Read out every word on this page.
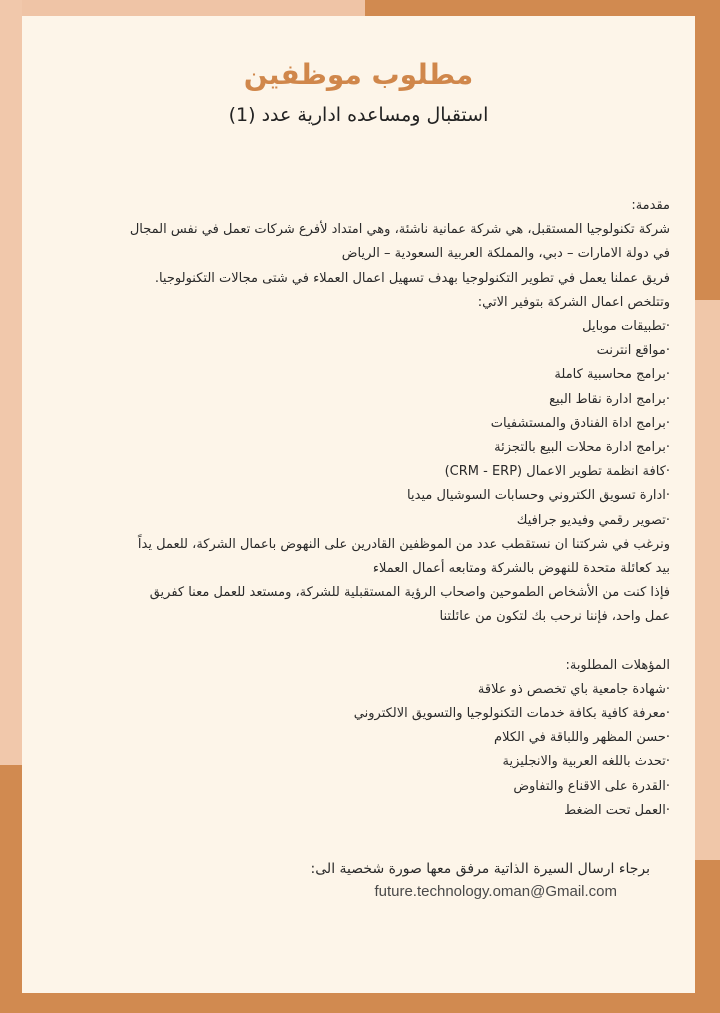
مطلوب موظفين
استقبال ومساعده ادارية عدد (1)
مقدمة:
شركة تكنولوجيا المستقبل، هي شركة عمانية ناشئة، وهي امتداد لأفرع شركات تعمل في نفس المجال
في دولة الامارات – دبي، والمملكة العربية السعودية – الرياض
فريق عملنا يعمل في تطوير التكنولوجيا بهدف تسهيل اعمال العملاء في شتى مجالات التكنولوجيا.
وتتلخص اعمال الشركة بتوفير الاتي:
·تطبيقات موبايل
·مواقع انترنت
·برامج محاسبية كاملة
·برامج ادارة نقاط البيع
·برامج اداة الفنادق والمستشفيات
·برامج ادارة محلات البيع بالتجزئة
·كافة انظمة تطوير الاعمال (CRM - ERP)
·ادارة تسويق الكتروني وحسابات السوشيال ميديا
·تصوير رقمي وفيديو جرافيك
ونرغب في شركتنا ان نستقطب عدد من الموظفين القادرين على النهوض باعمال الشركة، للعمل يداً
بيد كعائلة متحدة للنهوض بالشركة ومتابعه أعمال العملاء
فإذا كنت من الأشخاص الطموحين واصحاب الرؤية المستقبلية للشركة، ومستعد للعمل معنا كفريق
عمل واحد، فإننا نرحب بك لتكون من عائلتنا
المؤهلات المطلوبة:
·شهادة جامعية باي تخصص ذو علاقة
·معرفة كافية بكافة خدمات التكنولوجيا والتسويق الالكتروني
·حسن المظهر واللباقة في الكلام
·تحدث باللغه العربية والانجليزية
·القدرة على الاقناع والتفاوض
·العمل تحت الضغط
برجاء ارسال السيرة الذاتية مرفق معها صورة شخصية الى:
future.technology.oman@Gmail.com
